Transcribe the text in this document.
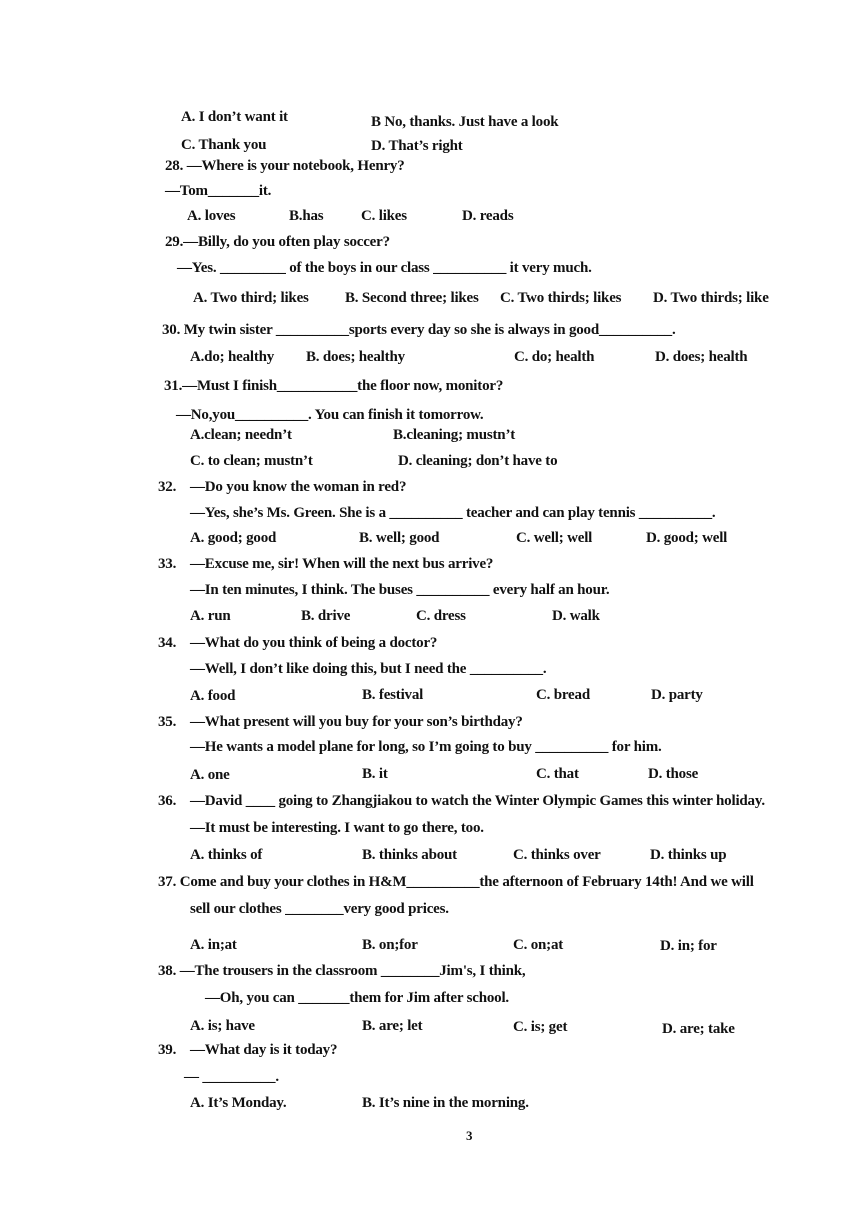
A. I don’t want it	B No, thanks. Just have a look
C. Thank you	D. That’s right
28. —Where is your notebook, Henry?
—Tom_______it.
A. loves	B.has	C. likes	D. reads
29.—Billy, do you often play soccer?
—Yes. _________ of the boys in our class __________ it very much.
A. Two third; likes B. Second three; likes C. Two thirds; likes D. Two thirds; like
30. My twin sister __________sports every day so she is always in good__________.
A.do; healthy B. does; healthy	C. do; health	D. does; health
31.—Must I finish___________the floor now, monitor?
—No,you__________. You can finish it tomorrow.
A.clean; needn’t	B.cleaning; mustn’t
C. to clean; mustn’t	D. cleaning; don’t have to
32. —Do you know the woman in red?
—Yes, she’s Ms. Green. She is a __________ teacher and can play tennis __________.
A. good; good	B. well; good	C. well; well	D. good; well
33. —Excuse me, sir! When will the next bus arrive?
—In ten minutes, I think. The buses __________ every half an hour.
A. run	B. drive	C. dress	D. walk
34. —What do you think of being a doctor?
—Well, I don’t like doing this, but I need the __________.
A. food	B. festival	C. bread	D. party
35. —What present will you buy for your son’s birthday?
—He wants a model plane for long, so I’m going to buy __________ for him.
A. one	B. it	C. that	D. those
36. —David ____ going to Zhangjiakou to watch the Winter Olympic Games this winter holiday.
—It must be interesting. I want to go there, too.
A. thinks of	B. thinks about	C. thinks over	D. thinks up
37. Come and buy your clothes in H&M__________the afternoon of February 14th! And we will
sell our clothes ________very good prices.
A. in;at	B. on;for	C. on;at	D. in; for
38. —The trousers in the classroom ________Jim's, I think,
—Oh, you can _______them for Jim after school.
A. is; have	B. are; let	C. is; get	D. are; take
39. —What day is it today?
— __________.
A. It’s Monday.	B. It’s nine in the morning.
3
